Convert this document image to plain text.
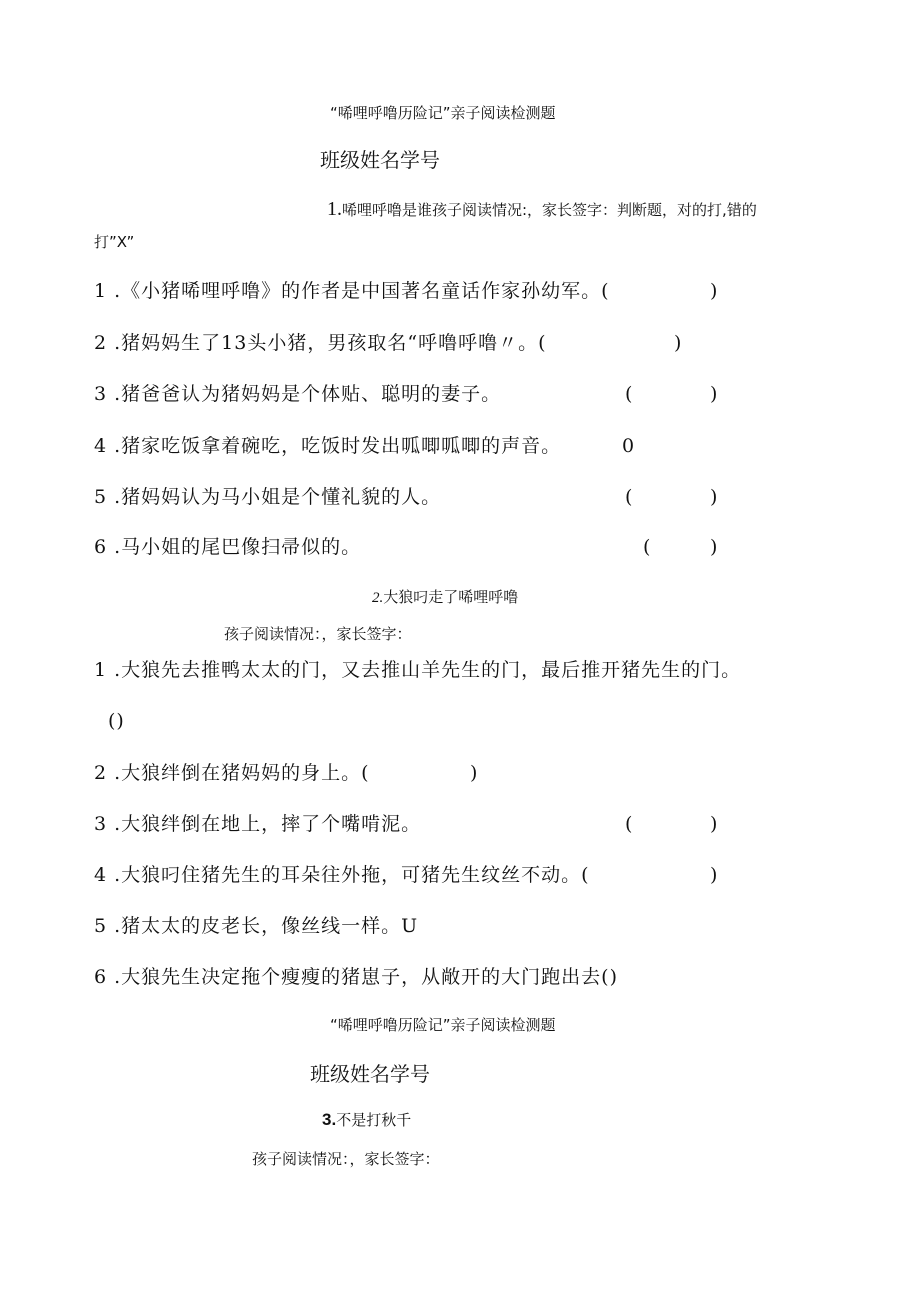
“唏哩呼噜历险记”亲子阅读检测题
班级姓名学号
1.唏哩呼噜是谁孩子阅读情况:，家长签字：判断题，对的打,错的
打”X”
1 .《小猪唏哩呼噜》的作者是中国著名童话作家孙幼军。(	)
2 .猪妈妈生了13头小猪，男孩取名“呼噜呼噜〃。(	)
3 .猪爸爸认为猪妈妈是个体贴、聪明的妻子。	(	)
4 .猪家吃饭拿着碗吃，吃饭时发出呱唧呱唧的声音。	0
5 .猪妈妈认为马小姐是个懂礼貌的人。	(	)
6 .马小姐的尾巴像扫帚似的。	(	)
2.大狼叼走了唏哩呼噜
孩子阅读情况：，家长签字：
1 .大狼先去推鸭太太的门，又去推山羊先生的门，最后推开猪先生的门。
()
2 .大狼绊倒在猪妈妈的身上。(	)
3 .大狼绊倒在地上，摔了个嘴啃泥。	(	)
4 .大狼叼住猪先生的耳朵往外拖，可猪先生纹丝不动。(	)
5 .猪太太的皮老长，像丝线一样。U
6 .大狼先生决定拖个瘦瘦的猪崽子，从敞开的大门跑出去()
“唏哩呼噜历险记”亲子阅读检测题
班级姓名学号
3.不是打秋千
孩子阅读情况：，家长签字：
